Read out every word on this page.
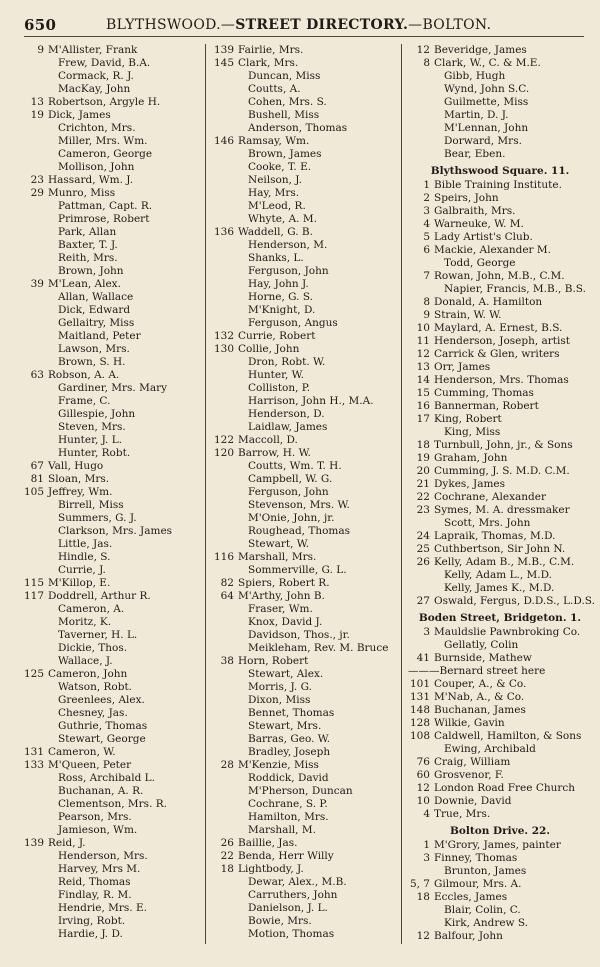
650	BLYTHSWOOD.—STREET DIRECTORY.—BOLTON.
9 M'Allister, Frank
Frew, David, B.A.
Cormack, R. J.
MacKay, John
13 Robertson, Argyle H.
19 Dick, James
Crichton, Mrs.
Miller, Mrs. Wm.
Cameron, George
Mollison, John
23 Hassard, Wm. J.
29 Munro, Miss
Pattman, Capt. R.
Primrose, Robert
Park, Allan
Baxter, T. J.
Reith, Mrs.
Brown, John
39 M'Lean, Alex.
Allan, Wallace
Dick, Edward
Gellaitry, Miss
Maitland, Peter
Lawson, Mrs.
Brown, S. H.
63 Robson, A. A.
Gardiner, Mrs. Mary
Frame, C.
Gillespie, John
Steven, Mrs.
Hunter, J. L.
Hunter, Robt.
67 Vall, Hugo
81 Sloan, Mrs.
105 Jeffrey, Wm.
Birrell, Miss
Summers, G. J.
Clarkson, Mrs. James
Little, Jas.
Hindle, S.
Currie, J.
115 M'Killop, E.
117 Doddrell, Arthur R.
Cameron, A.
Moritz, K.
Taverner, H. L.
Dickie, Thos.
Wallace, J.
125 Cameron, John
Watson, Robt.
Greenlees, Alex.
Chesney, Jas.
Guthrie, Thomas
Stewart, George
131 Cameron, W.
133 M'Queen, Peter
Ross, Archibald L.
Buchanan, A. R.
Clementson, Mrs. R.
Pearson, Mrs.
Jamieson, Wm.
139 Reid, J.
Henderson, Mrs.
Harvey, Mrs M.
Reid, Thomas
Findlay, R. M.
Hendrie, Mrs. E.
Irving, Robt.
Hardie, J. D.
139 Fairlie, Mrs.
145 Clark, Mrs.
Duncan, Miss
Coutts, A.
Cohen, Mrs. S.
Bushell, Miss
Anderson, Thomas
146 Ramsay, Wm.
Brown, James
Cooke, T. E.
Neilson, J.
Hay, Mrs.
M'Leod, R.
Whyte, A. M.
136 Waddell, G. B.
Henderson, M.
Shanks, L.
Ferguson, John
Hay, John J.
Horne, G. S.
M'Knight, D.
Ferguson, Angus
132 Currie, Robert
130 Collie, John
Dron, Robt. W.
Hunter, W.
Colliston, P.
Harrison, John H., M.A.
Henderson, D.
Laidlaw, James
122 Maccoll, D.
120 Barrow, H. W.
Coutts, Wm. T. H.
Campbell, W. G.
Ferguson, John
Stevenson, Mrs. W.
M'Onie, John, jr.
Roughead, Thomas
Stewart, W.
116 Marshall, Mrs.
Sommerville, G. L.
82 Spiers, Robert R.
64 M'Arthy, John B.
Fraser, Wm.
Knox, David J.
Davidson, Thos., jr.
Meikleham, Rev. M. Bruce
38 Horn, Robert
Stewart, Alex.
Morris, J. G.
Dixon, Miss
Bennet, Thomas
Stewart, Mrs.
Barras, Geo. W.
Bradley, Joseph
28 M'Kenzie, Miss
Roddick, David
M'Pherson, Duncan
Cochrane, S. P.
Hamilton, Mrs.
Marshall, M.
26 Baillie, Jas.
22 Benda, Herr Willy
18 Lightbody, J.
Dewar, Alex., M.B.
Carruthers, John
Danielson, J. L.
Bowie, Mrs.
Motion, Thomas
12 Beveridge, James
8 Clark, W., C. & M.E.
Gibb, Hugh
Wynd, John S.C.
Guilmette, Miss
Martin, D. J.
M'Lennan, John
Dorward, Mrs.
Bear, Eben.
Blythswood Square. 11.
1 Bible Training Institute.
2 Speirs, John
3 Galbraith, Mrs.
4 Warneuke, W. M.
5 Lady Artist's Club.
6 Mackie, Alexander M.
Todd, George
7 Rowan, John, M.B., C.M.
Napier, Francis, M.B., B.S.
8 Donald, A. Hamilton
9 Strain, W. W.
10 Maylard, A. Ernest, B.S.
11 Henderson, Joseph, artist
12 Carrick & Glen, writers
13 Orr, James
14 Henderson, Mrs. Thomas
15 Cumming, Thomas
16 Bannerman, Robert
17 King, Robert
King, Miss
18 Turnbull, John, jr., & Sons
19 Graham, John
20 Cumming, J. S. M.D. C.M.
21 Dykes, James
22 Cochrane, Alexander
23 Symes, M. A. dressmaker
Scott, Mrs. John
24 Lapraik, Thomas, M.D.
25 Cuthbertson, Sir John N.
26 Kelly, Adam B., M.B., C.M.
Kelly, Adam L., M.D.
Kelly, James K., M.D.
27 Oswald, Fergus, D.D.S., L.D.S.
Boden Street, Bridgeton. 1.
3 Mauldslie Pawnbroking Co.
Gellatly, Colin
41 Burnside, Mathew
———Bernard street here
101 Couper, A., & Co.
131 M'Nab, A., & Co.
148 Buchanan, James
128 Wilkie, Gavin
108 Caldwell, Hamilton, & Sons
Ewing, Archibald
76 Craig, William
60 Grosvenor, F.
12 London Road Free Church
10 Downie, David
4 True, Mrs.
Bolton Drive. 22.
1 M'Grory, James, painter
3 Finney, Thomas
Brunton, James
5, 7 Gilmour, Mrs. A.
18 Eccles, James
Blair, Colin, C.
Kirk, Andrew S.
12 Balfour, John
